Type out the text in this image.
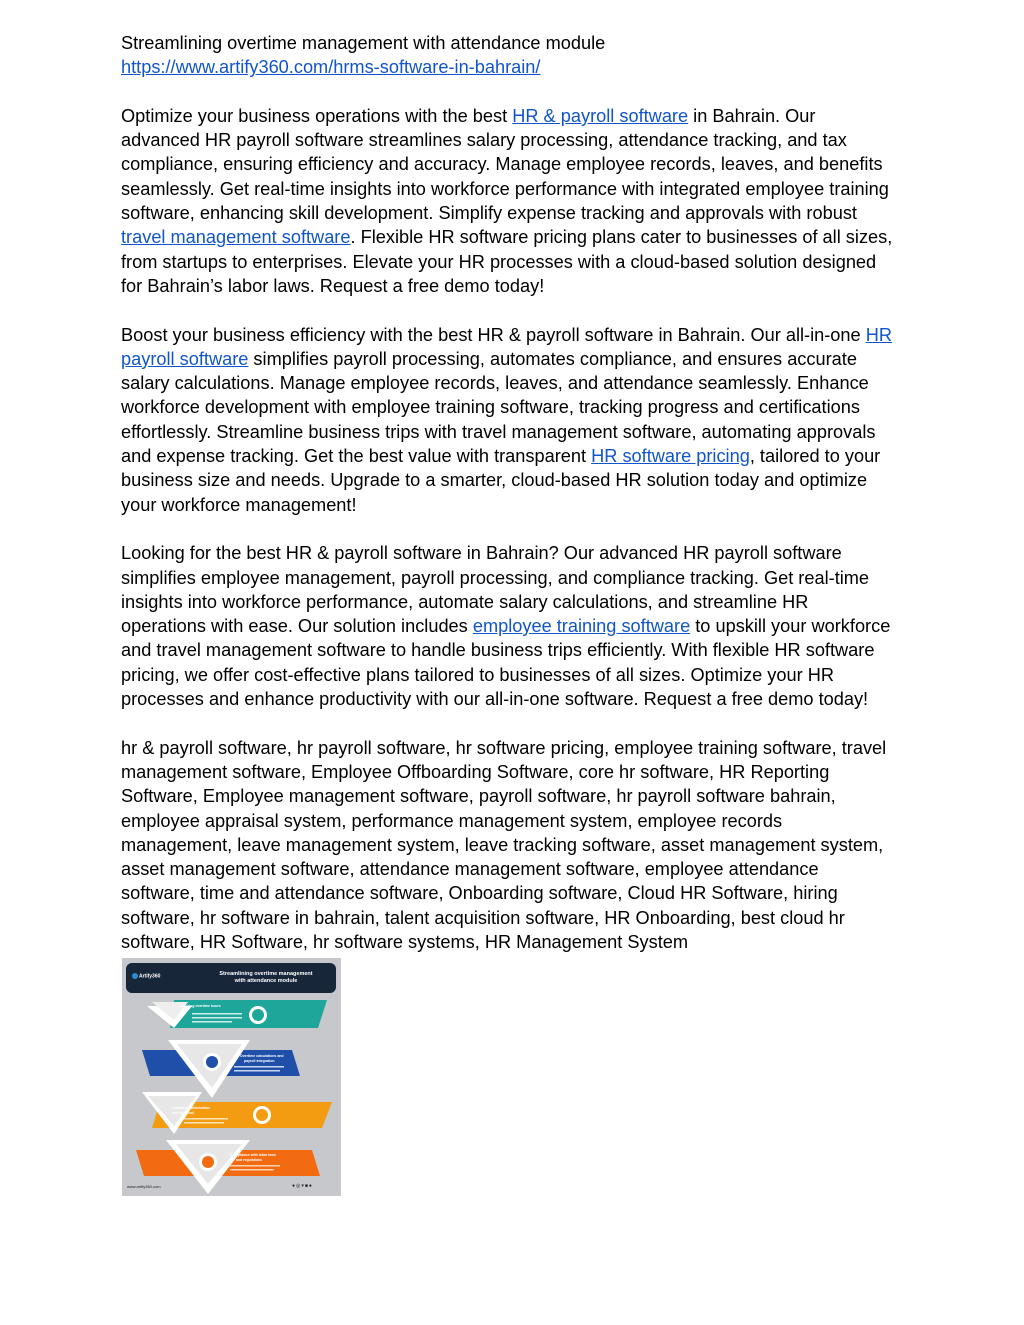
Streamlining overtime management with attendance module
https://www.artify360.com/hrms-software-in-bahrain/
Optimize your business operations with the best HR & payroll software in Bahrain. Our
advanced HR payroll software streamlines salary processing, attendance tracking, and tax
compliance, ensuring efficiency and accuracy. Manage employee records, leaves, and benefits
seamlessly. Get real-time insights into workforce performance with integrated employee training
software, enhancing skill development. Simplify expense tracking and approvals with robust
travel management software. Flexible HR software pricing plans cater to businesses of all sizes,
from startups to enterprises. Elevate your HR processes with a cloud-based solution designed
for Bahrain’s labor laws. Request a free demo today!
Boost your business efficiency with the best HR & payroll software in Bahrain. Our all-in-one HR
payroll software simplifies payroll processing, automates compliance, and ensures accurate
salary calculations. Manage employee records, leaves, and attendance seamlessly. Enhance
workforce development with employee training software, tracking progress and certifications
effortlessly. Streamline business trips with travel management software, automating approvals
and expense tracking. Get the best value with transparent HR software pricing, tailored to your
business size and needs. Upgrade to a smarter, cloud-based HR solution today and optimize
your workforce management!
Looking for the best HR & payroll software in Bahrain? Our advanced HR payroll software
simplifies employee management, payroll processing, and compliance tracking. Get real-time
insights into workforce performance, automate salary calculations, and streamline HR
operations with ease. Our solution includes employee training software to upskill your workforce
and travel management software to handle business trips efficiently. With flexible HR software
pricing, we offer cost-effective plans tailored to businesses of all sizes. Optimize your HR
processes and enhance productivity with our all-in-one software. Request a free demo today!
hr & payroll software, hr payroll software, hr software pricing, employee training software, travel
management software, Employee Offboarding Software, core hr software, HR Reporting
Software, Employee management software, payroll software, hr payroll software bahrain,
employee appraisal system, performance management system, employee records
management, leave management system, leave tracking software, asset management system,
asset management software, attendance management software, employee attendance
software, time and attendance software, Onboarding software, Cloud HR Software, hiring
software, hr software in bahrain, talent acquisition software, HR Onboarding, best cloud hr
software, HR Software, hr software systems, HR Management System
Artify360	Streamlining overtime management
with attendance module
Tracking overtime hours
Overtime calculations and
payroll integration
Overtime authorization
and approval
Compliance with labor laws
and regulations
www.artify360.com	●◎▾■●
